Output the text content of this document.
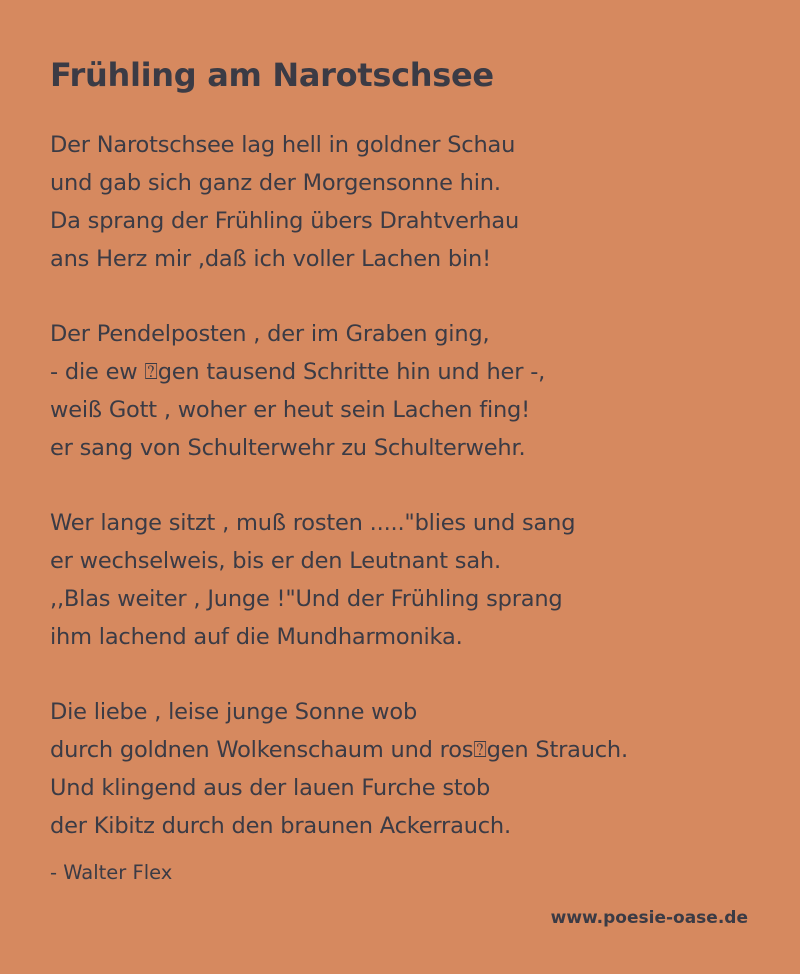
Frühling am Narotschsee
Der Narotschsee lag hell in goldner Schau
und gab sich ganz der Morgensonne hin.
Da sprang der Frühling übers Drahtverhau
ans Herz mir ,daß ich voller Lachen bin!
Der Pendelposten , der im Graben ging,
- die ew ⍰gen tausend Schritte hin und her -,
weiß Gott , woher er heut sein Lachen fing!
er sang von Schulterwehr zu Schulterwehr.
Wer lange sitzt , muß rosten ....."blies und sang
er wechselweis, bis er den Leutnant sah.
,,Blas weiter , Junge !"Und der Frühling sprang
ihm lachend auf die Mundharmonika.
Die liebe , leise junge Sonne wob
durch goldnen Wolkenschaum und ros⍰gen Strauch.
Und klingend aus der lauen Furche stob
der Kibitz durch den braunen Ackerrauch.
- Walter Flex
www.poesie-oase.de
